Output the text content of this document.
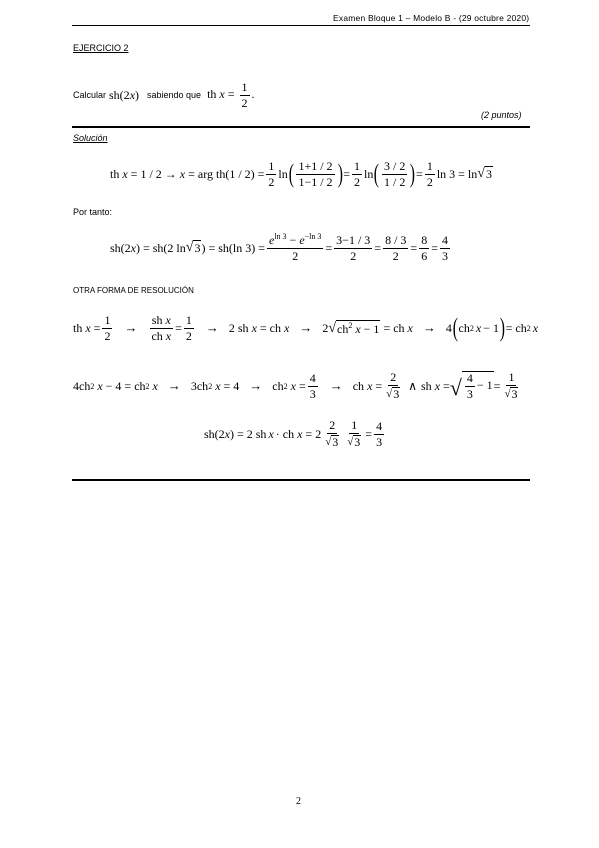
Examen Bloque 1 – Modelo B - (29 octubre 2020)
EJERCICIO 2
Calcular sh(2x) sabiendo que th $x = \frac{1}{2}$ .
(2 puntos)
Solución
th x = 1 / 2 → x = arg $th(1 / 2) = \frac{1}{2}$ ln ( $\frac{1+1 / 2}{1-1 / 2}$ ) = $\frac{1}{2}$ ln ( $\frac{3 / 2}{1 / 2}$ ) = $\frac{1}{2}$ ln 3 = ln √ 3
Por tanto:
sh(2 x ) = sh(2 ln √ 3 ) = sh(ln $3) = \frac{e^{ln 3} - e^{-ln 3}}{2} = \frac{3-1 / 3}{2} = \frac{8 / 3}{2} = \frac{8}{6} = \frac{4}{3}$
OTRA FORMA DE RESOLUCIÓN
th $x = \frac{1}{2} \to \frac{\text{sh x}}{\text{ch x}} = \frac{1}{2} \to 2$ sh x = ch x → 2 √ $ch^2$ x − 1 = ch x → 4 ( ch 2 x − 1 ) = ch 2 x
4ch 2 x − 4 = ch 2 x → 3ch 2 x = 4 → ch 2 $x = \frac{4}{3}$ → ch $x = \frac{2}{√ 3}$ ∧ sh x = √ $\frac{4}{3} - 1 = \frac{1}{√ 3}$
sh(2 x ) = 2 sh x · ch $x = 2 \frac{2}{√ 3} \frac{1}{√ 3} = \frac{4}{3}$
2
